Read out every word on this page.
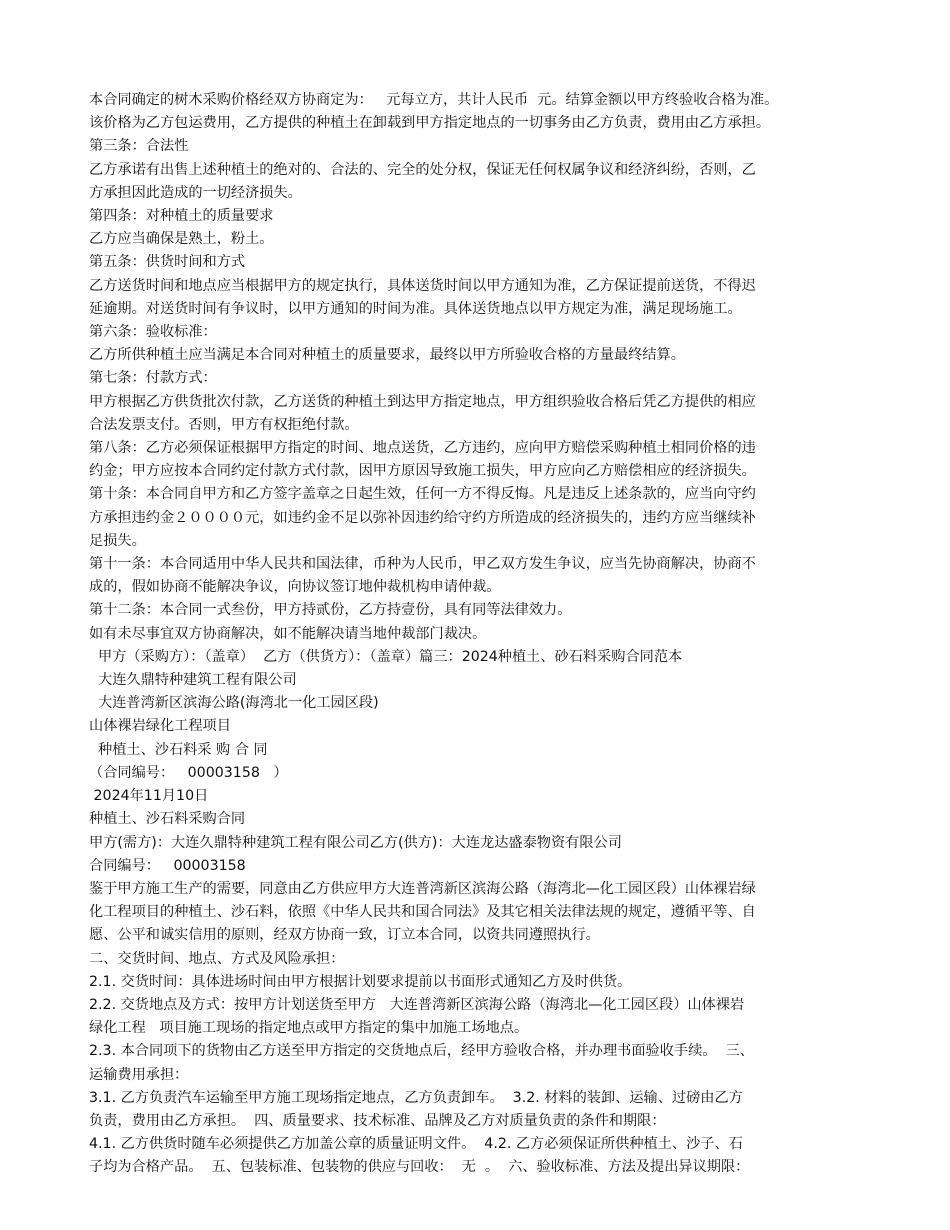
本合同确定的树木采购价格经双方协商定为：   元每立方，共计人民币  元。结算金额以甲方终验收合格为准。
该价格为乙方包运费用，乙方提供的种植土在卸载到甲方指定地点的一切事务由乙方负责，费用由乙方承担。
第三条：合法性
乙方承诺有出售上述种植土的绝对的、合法的、完全的处分权，保证无任何权属争议和经济纠纷，否则，乙
方承担因此造成的一切经济损失。
第四条：对种植土的质量要求
乙方应当确保是熟土，粉土。
第五条：供货时间和方式
乙方送货时间和地点应当根据甲方的规定执行，具体送货时间以甲方通知为准，乙方保证提前送货，不得迟
延逾期。对送货时间有争议时，以甲方通知的时间为准。具体送货地点以甲方规定为准，满足现场施工。
第六条：验收标准：
乙方所供种植土应当满足本合同对种植土的质量要求，最终以甲方所验收合格的方量最终结算。
第七条：付款方式：
甲方根据乙方供货批次付款，乙方送货的种植土到达甲方指定地点，甲方组织验收合格后凭乙方提供的相应
合法发票支付。否则，甲方有权拒绝付款。
第八条：乙方必须保证根据甲方指定的时间、地点送货，乙方违约，应向甲方赔偿采购种植土相同价格的违
约金；甲方应按本合同约定付款方式付款，因甲方原因导致施工损失，甲方应向乙方赔偿相应的经济损失。
第十条：本合同自甲方和乙方签字盖章之日起生效，任何一方不得反悔。凡是违反上述条款的，应当向守约
方承担违约金２００００元，如违约金不足以弥补因违约给守约方所造成的经济损失的，违约方应当继续补
足损失。
第十一条：本合同适用中华人民共和国法律，币种为人民币，甲乙双方发生争议，应当先协商解决，协商不
成的，假如协商不能解决争议，向协议签订地仲裁机构申请仲裁。
第十二条：本合同一式叁份，甲方持贰份，乙方持壹份，具有同等法律效力。
如有未尽事宜双方协商解决，如不能解决请当地仲裁部门裁决。
甲方（采购方）：（盖章）  乙方（供货方）：（盖章）篇三：2024种植土、砂石料采购合同范本
大连久鼎特种建筑工程有限公司
大连普湾新区滨海公路(海湾北一化工园区段)
山体裸岩绿化工程项目
种植土、沙石料采 购 合 同
（合同编号：   00003158   ）
2024年11月10日
种植土、沙石料采购合同
甲方(需方)：大连久鼎特种建筑工程有限公司乙方(供方)：大连龙达盛泰物资有限公司
合同编号：   00003158
鉴于甲方施工生产的需要，同意由乙方供应甲方大连普湾新区滨海公路（海湾北—化工园区段）山体裸岩绿
化工程项目的种植土、沙石料，依照《中华人民共和国合同法》及其它相关法律法规的规定，遵循平等、自
愿、公平和诚实信用的原则，经双方协商一致，订立本合同，以资共同遵照执行。
二、交货时间、地点、方式及风险承担：
2.1. 交货时间：具体进场时间由甲方根据计划要求提前以书面形式通知乙方及时供货。
2.2. 交货地点及方式：按甲方计划送货至甲方   大连普湾新区滨海公路（海湾北—化工园区段）山体裸岩
绿化工程   项目施工现场的指定地点或甲方指定的集中加施工场地点。
2.3. 本合同项下的货物由乙方送至甲方指定的交货地点后，经甲方验收合格，并办理书面验收手续。  三、
运输费用承担：
3.1. 乙方负责汽车运输至甲方施工现场指定地点，乙方负责卸车。  3.2. 材料的装卸、运输、过磅由乙方
负责，费用由乙方承担。  四、质量要求、技术标准、品牌及乙方对质量负责的条件和期限：
4.1. 乙方供货时随车必须提供乙方加盖公章的质量证明文件。  4.2. 乙方必须保证所供种植土、沙子、石
子均为合格产品。  五、包装标准、包装物的供应与回收：  无  。  六、验收标准、方法及提出异议期限：
